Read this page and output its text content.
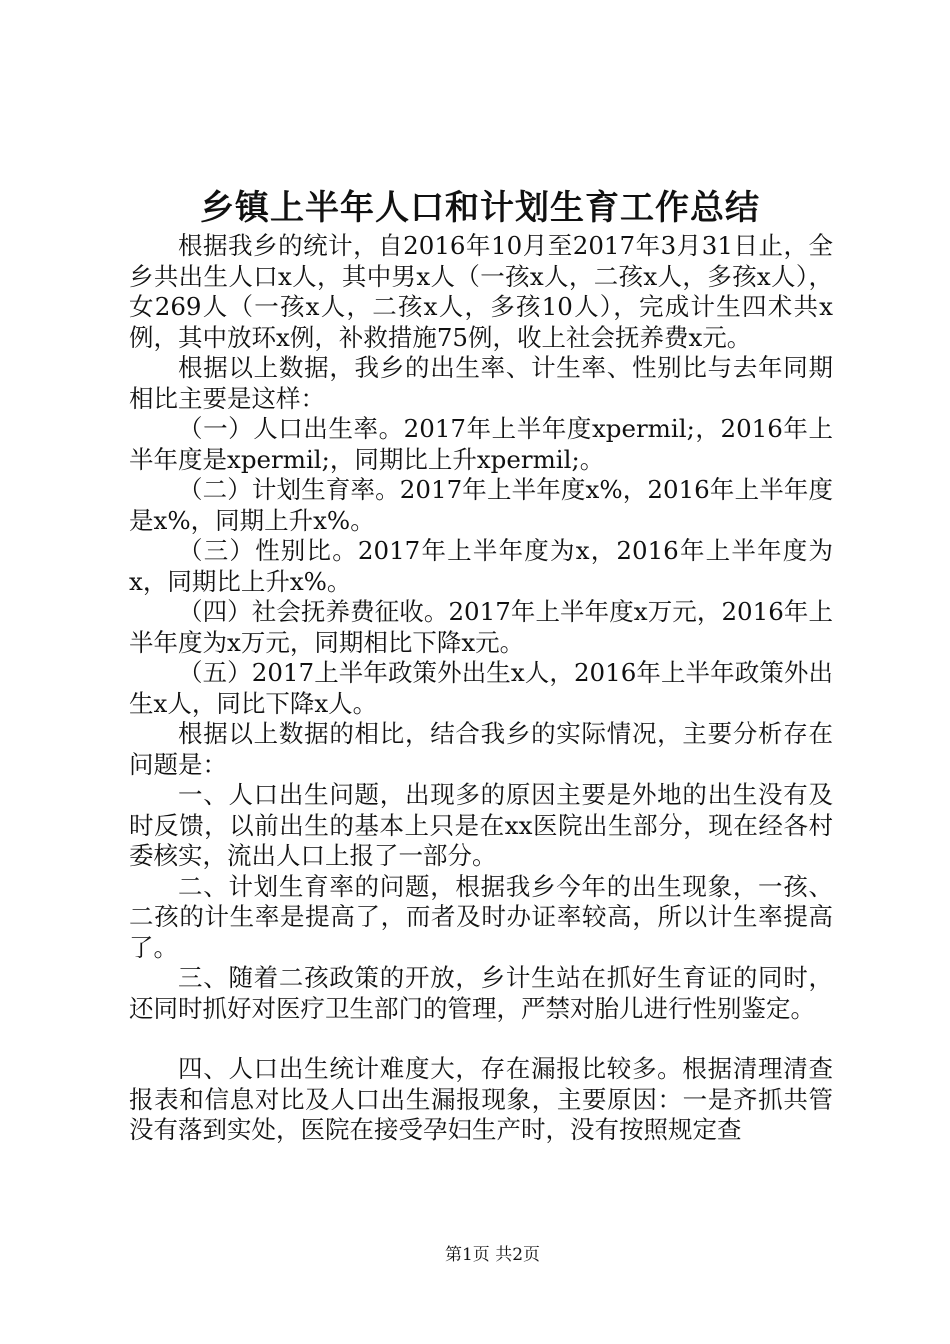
乡镇上半年人口和计划生育工作总结

根据我乡的统计，自2016年10月至2017年3月31日止，全乡共出生人口x人，其中男x人（一孩x人，二孩x人，多孩x人），女269人（一孩x人，二孩x人，多孩10人），完成计生四术共x例，其中放环x例，补救措施75例，收上社会抚养费x元。

根据以上数据，我乡的出生率、计生率、性别比与去年同期相比主要是这样：

（一）人口出生率。2017年上半年度xpermil;，2016年上半年度是xpermil;，同期比上升xpermil;。

（二）计划生育率。2017年上半年度x%，2016年上半年度是x%，同期上升x%。

（三）性别比。2017年上半年度为x，2016年上半年度为x，同期比上升x%。

（四）社会抚养费征收。2017年上半年度x万元，2016年上半年度为x万元，同期相比下降x元。

（五）2017上半年政策外出生x人，2016年上半年政策外出生x人，同比下降x人。

根据以上数据的相比，结合我乡的实际情况，主要分析存在问题是：

一、人口出生问题，出现多的原因主要是外地的出生没有及时反馈，以前出生的基本上只是在xx医院出生部分，现在经各村委核实，流出人口上报了一部分。

二、计划生育率的问题，根据我乡今年的出生现象，一孩、二孩的计生率是提高了，而者及时办证率较高，所以计生率提高了。

三、随着二孩政策的开放，乡计生站在抓好生育证的同时，还同时抓好对医疗卫生部门的管理，严禁对胎儿进行性别鉴定。

四、人口出生统计难度大，存在漏报比较多。根据清理清查报表和信息对比及人口出生漏报现象，主要原因：一是齐抓共管没有落到实处，医院在接受孕妇生产时，没有按照规定查

第1页 共2页
